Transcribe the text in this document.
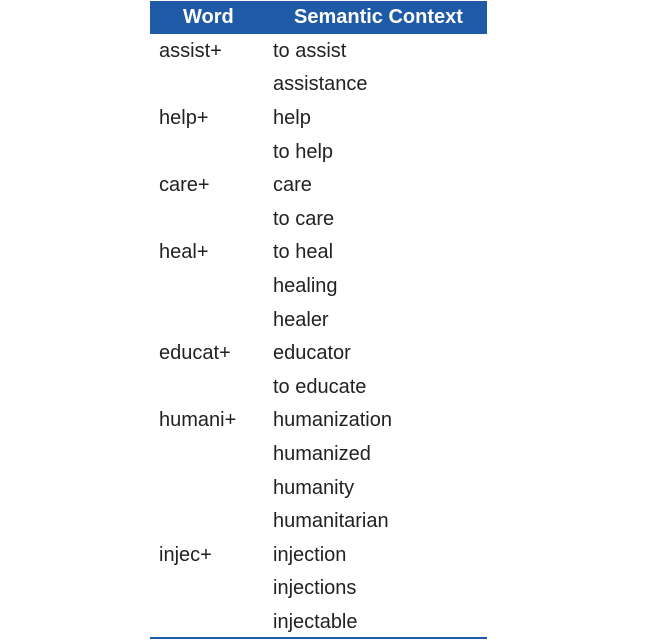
Word	Semantic Context
assist+	to assist
	assistance
help+	help
	to help
care+	care
	to care
heal+	to heal
	healing
	healer
educat+	educator
	to educate
humani+	humanization
	humanized
	humanity
	humanitarian
injec+	injection
	injections
	injectable
